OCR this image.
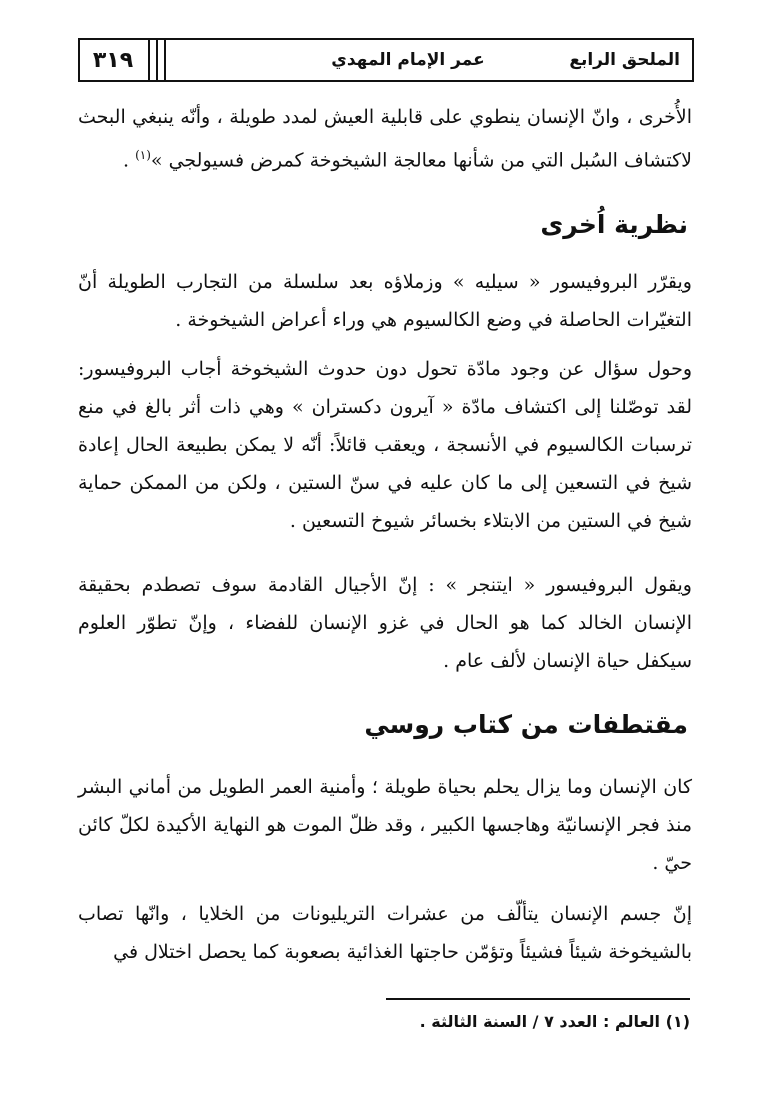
٣١٩	عمر الإمام المهدي	الملحق الرابع

الأُخرى ، وانّ الإنسان ينطوي على قابلية العيش لمدد طويلة ، وأنّه ينبغي البحث لاكتشاف السُبل التي من شأنها معالجة الشيخوخة كمرض فسيولجي »$^{(١)}$ .

نظرية اُخرى

ويقرّر البروفيسور « سيليه » وزملاؤه بعد سلسلة من التجارب الطويلة أنّ التغيّرات الحاصلة في وضع الكالسيوم هي وراء أعراض الشيخوخة .

وحول سؤال عن وجود مادّة تحول دون حدوث الشيخوخة أجاب البروفيسور: لقد توصّلنا إلى اكتشاف مادّة « آيرون دكستران » وهي ذات أثر بالغ في منع ترسبات الكالسيوم في الأنسجة ، ويعقب قائلاً: أنّه لا يمكن بطبيعة الحال إعادة شيخ في التسعين إلى ما كان عليه في سنّ الستين ، ولكن من الممكن حماية شيخ في الستين من الابتلاء بخسائر شيوخ التسعين .

ويقول البروفيسور « ايتنجر » : إنّ الأجيال القادمة سوف تصطدم بحقيقة الإنسان الخالد كما هو الحال في غزو الإنسان للفضاء ، وإنّ تطوّر العلوم سيكفل حياة الإنسان لألف عام .

مقتطفات من كتاب روسي

كان الإنسان وما يزال يحلم بحياة طويلة ؛ وأمنية العمر الطويل من أماني البشر منذ فجر الإنسانيّة وهاجسها الكبير ، وقد ظلّ الموت هو النهاية الأكيدة لكلّ كائن حيّ .

إنّ جسم الإنسان يتألّف من عشرات التريليونات من الخلايا ، وانّها تصاب بالشيخوخة شيئاً فشيئاً وتؤمّن حاجتها الغذائية بصعوبة كما يحصل اختلال في

(١) العالم : العدد ٧ / السنة الثالثة .
